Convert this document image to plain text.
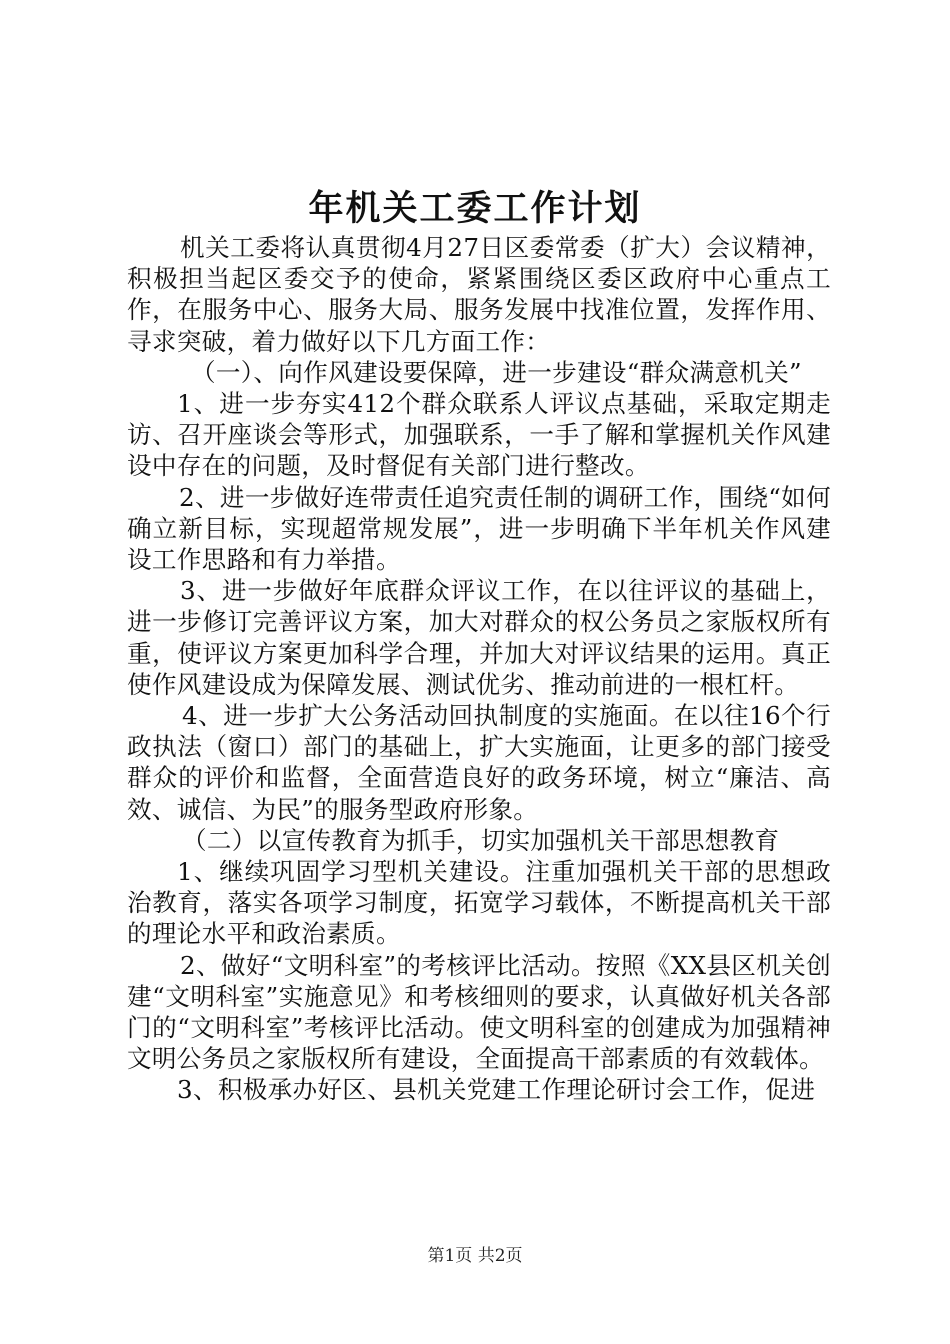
年机关工委工作计划

机关工委将认真贯彻4月27日区委常委（扩大）会议精神，积极担当起区委交予的使命，紧紧围绕区委区政府中心重点工作，在服务中心、服务大局、服务发展中找准位置，发挥作用、寻求突破，着力做好以下几方面工作：

（一）、向作风建设要保障，进一步建设“群众满意机关”

1、进一步夯实412个群众联系人评议点基础，采取定期走访、召开座谈会等形式，加强联系，一手了解和掌握机关作风建设中存在的问题，及时督促有关部门进行整改。

2、进一步做好连带责任追究责任制的调研工作，围绕“如何确立新目标，实现超常规发展”，进一步明确下半年机关作风建设工作思路和有力举措。

3、进一步做好年底群众评议工作，在以往评议的基础上，进一步修订完善评议方案，加大对群众的权公务员之家版权所有重，使评议方案更加科学合理，并加大对评议结果的运用。真正使作风建设成为保障发展、测试优劣、推动前进的一根杠杆。

4、进一步扩大公务活动回执制度的实施面。在以往16个行政执法（窗口）部门的基础上，扩大实施面，让更多的部门接受群众的评价和监督，全面营造良好的政务环境，树立“廉洁、高效、诚信、为民”的服务型政府形象。

（二）以宣传教育为抓手，切实加强机关干部思想教育

1、继续巩固学习型机关建设。注重加强机关干部的思想政治教育，落实各项学习制度，拓宽学习载体，不断提高机关干部的理论水平和政治素质。

2、做好“文明科室”的考核评比活动。按照《XX县区机关创建“文明科室”实施意见》和考核细则的要求，认真做好机关各部门的“文明科室”考核评比活动。使文明科室的创建成为加强精神文明公务员之家版权所有建设，全面提高干部素质的有效载体。

3、积极承办好区、县机关党建工作理论研讨会工作，促进

第1页 共2页
